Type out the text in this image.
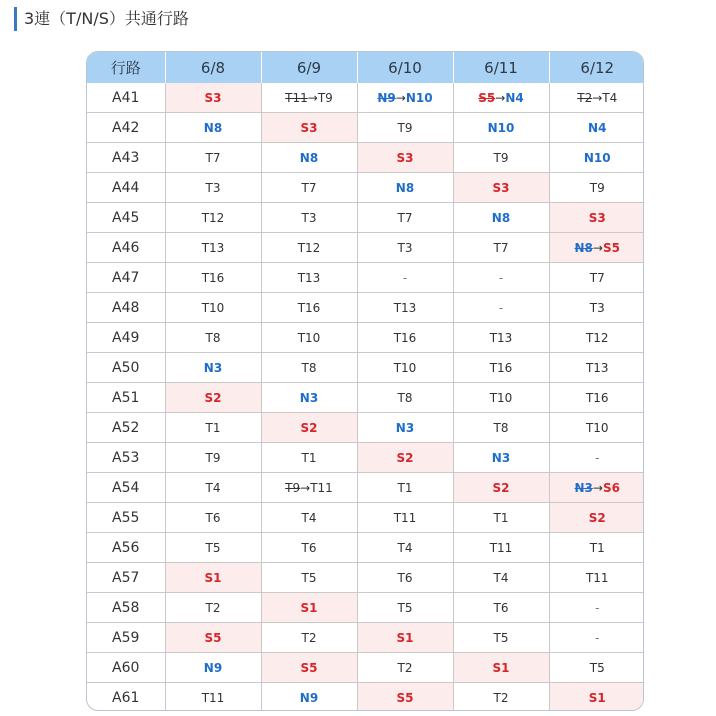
3連（T/N/S）共通行路
行路	6/8	6/9	6/10	6/11	6/12
A41	S3	T11→T9	N9→N10	S5→N4	T2→T4
A42	N8	S3	T9	N10	N4
A43	T7	N8	S3	T9	N10
A44	T3	T7	N8	S3	T9
A45	T12	T3	T7	N8	S3
A46	T13	T12	T3	T7	N8→S5
A47	T16	T13	-	-	T7
A48	T10	T16	T13	-	T3
A49	T8	T10	T16	T13	T12
A50	N3	T8	T10	T16	T13
A51	S2	N3	T8	T10	T16
A52	T1	S2	N3	T8	T10
A53	T9	T1	S2	N3	-
A54	T4	T9→T11	T1	S2	N3→S6
A55	T6	T4	T11	T1	S2
A56	T5	T6	T4	T11	T1
A57	S1	T5	T6	T4	T11
A58	T2	S1	T5	T6	-
A59	S5	T2	S1	T5	-
A60	N9	S5	T2	S1	T5
A61	T11	N9	S5	T2	S1
